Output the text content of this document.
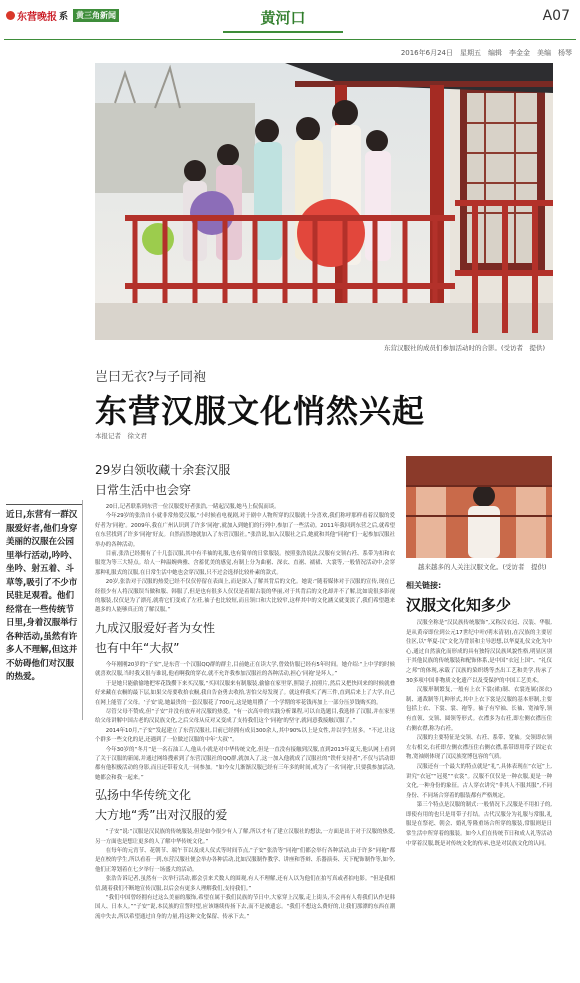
东营晚报 系	黄三角新闻	黄河口	A07
2016年6月24日　星期五　编辑　李金金　美编　杨琴
东营汉服社的成员们参加活动时的合影。(受访者　提供)
岂曰无衣?与子同袍
东营汉服文化悄然兴起
本报记者　徐文君
近日,东营有一群汉服爱好者,他们身穿美丽的汉服在公园里举行活动,吟吟、坐吟、射五着、斗草等,吸引了不少市民驻足观看。他们经常在一些传统节日里,身着汉服举行各种活动,虽然有许多人不理解,但这并不妨碍他们对汉服的热爱。
29岁白领收藏十余套汉服
日常生活中也会穿

20日,记者联系到东营一位汉服爱好者张浩,一睹起汉服,她马上侃侃而谈。

今年29岁的张浩自小就非常热爱汉服,“小时候看电视剧,对于剧中人物所穿的汉服就十分喜欢,我们称呼那样看着汉服的爱好者为‘同袍’。2009年,我在广州认识到了许多‘同袍’,就加入到她们的行列中,参加了一些活动。2011年我回到东营之后,就希望在东营找到了许多‘同袍’好友。自然而然地就加入了东营汉服社。”张浩说,加入汉服社之后,她就和其他“同袍”们一起参加汉服社举办的各种活动。

目前,张浩已经拥有了十几套汉服,其中有半袖的礼服,也有简单的日常服装。按照张浩说法,汉服有交领右衽、系带为扣和衣服宽为等三大特点。给人一种温婉典雅、含蓄优美的感觉,有制上分为曲裾、深衣、直裾、襦裙、大裳等,一般情况活动中,会穿那种礼服式的汉服,在日常生活中她也会穿汉服,只不过会选择比较朴素的款式。

20岁,张浩对于汉服的热爱已经不仅仅停留在表面上,而是深入了解其背后的文化。她说:“随着媒体对于汉服的宣传,现在已经很少有人将汉服误当做和服、韩服了,但是也有很多人仅仅是着眼古装的华丽,对于其背后的文化却并不了解,比如说很多影视的服装,仅仅是为了漂亮,就将它们变成了左衽,袖子也比较短,而且领口和大比较窄,这样其中的文化涵义就变淡了,我们希望越来越多的人能够真正的了解汉服。”

九成汉服爱好者为女性
也有中年“大叔”

今年刚刚20岁的“子安”,是东营一个汉服QQ群的群主,目前她正在读大学,曾效仿服已经有5年时间。她介绍:“上中学的时候就喜欢汉服,当时我又很与谁说,他看啊我的穿衣,就不允许我参加汉服社的各种活动,担心‘同袍’是坏人。”

于是她只能偷偷地把零花钱攒下来买汉服,“买回汉服来有制服装,偷偷在家里穿,照镜子,拍照片,然后又把快回来的时候就叠好来藏在衣橱的最下层,如果父母要收拾衣橱,我自告奋勇去收拾,害怕父母发现了。就这样我买了两三件,直到后来上了大学,自己在网上能管了父母。‘子安’说,她最贵的一套汉服花了700元,这是她用攒了一个学期的零花钱再加上一部分压岁钱购买的。

尽管父母不赞成,但“子安”并没有放弃对汉服的热爱。“有一次高中的实践分析课程,可以自选题目,我选择了汉服,并在家里给父母讲解中国古老的汉民族文化,之后父母从反对又变成了支持我们这个‘同袍’的坚守,就同意我接触汉服了。”

2014年10月,“子安”发起建立了东营汉服社,目前已经拥有成员300余人,其中90%以上是女性,并以学生居多。“不过,让这个群多一些文化的是,还遇到了一位做过汉服的中年‘大叔’”。

今年30岁的“冬月”是一名石油工人,他从小就是对中华传统文化,但是一直没有接触到汉服,直到2013年夏天,他认网上看到了关于汉服的新闻,并通过网络搜索到了东营汉服社的QQ群,就加入了,这一加入他就成了汉服社的“铁杆支持者”,不仅与活动即都有他积极活动的身影,而且还带着女儿一同参加。“如今女儿渐渐汉服已经有三年多的时间,成为了一名‘同袍’,只要我参加活动,她都会和我一起来。”

弘扬中华传统文化
大方地“秀”出对汉服的爱

“子安”说:“汉服是汉民族的传统服装,但是如今很少有人了解,所以才有了建立汉服社的想法,一方面是出于对于汉服的热爱,另一方面也是想让更多的人了解中华传统文化。”

在每年的元宵节、花朝节、端午节以及成人仪式等时间节点,“子安”张浩等“同袍”们都会举行各种活动,由于许多“同袍”都是在校的学生,所以看着一到,东营汉服社便会举办各种活动,比如汉服制作教学、讲座和答辩、乐器演奏、天下配饰制作等,如今,他们正筹划着在七夕举行一场盛大的活动。

张浩告诉记者,虽然有一次举行活动,都会引来犬数人的围观,有人不理解,还有人以为他们在拍写真或者拍电影。“但是我相信,随着我们不断地宣传汉服,以后会有更多人理解我们,支持我们。”

“我们中国曾经拥有过这么美丽的服饰,希望在属于我们民族的节日中,大家穿上汉服,走上街头,不会再有人将我们认作是韩国人、日本人。”“子安”说,本民族的宣誓时望,应该继续传扬下去,而不是被遗忘。“我们不想这么费好的,让我们那漂的东西在潮流中失去,所以希望通过自身的力量,将这种文化保留、传承下去。”

越来越多的人关注汉服文化。(受访者　提供)
相关链接:
汉服文化知多少

汉服全称是“汉民族传统服饰”,又称汉衣冠、汉装、华服,是从黄帝即位到公元17世纪中叶(明末清初),在汉族的主要居住区,以“华夏-汉”文化为背景和主导思想,以华夏礼仪文化为中心,通过自然演化而形成的具有独特汉民族风貌性格,明显区别于其他民族的传统服装和配饰体系,是中国“衣冠上国”、“礼仪之邦”的体现,承载了汉族的染织绣等杰出工艺和美学,传承了30多项中国非物质文化遗产以及受保护的中国工艺美术。

汉服形制繁复,一般有上衣下裳(裙)制、衣裳连属(深衣)制、通裁制等几种形式,其中上衣下裳是汉服的基本形制,主要包括上衣、下裳、裳、袍等。袖子有窄袖、长袖、宽袖等,领有直领、交领、圆领等形式。衣襟多为右衽,即左侧衣襟压住右侧衣襟,称为右衽。

汉服的主要特征是交领、右衽、系带、宽袖。交领即衣领左右相交,右衽即左侧衣襟压住右侧衣襟,系带即用带子固定衣物,宽袖则体现了汉民族宽博包容的气质。

汉服还有一个最大的特点就是“礼”,具体表现在“衣冠”上,讲究“衣冠”“冠冕”“衣裳”。汉服不仅仅是一种衣服,更是一种文化,一种身份的象征。古人穿衣讲究“非其人不服其服”,不同身份、不同场合穿着的服装都有严格规定。

第三个特点是汉服的制式:一般情况下,汉服是不用扣子的,即使有用的也只是用带子打结。古代汉服分为礼服与常服,礼服是在祭祀、朝会、婚礼等隆重场合所穿的服装,常服则是日常生活中所穿着的服装。如今人们在传统节日和成人礼等活动中穿着汉服,既是对传统文化的传承,也是对民族文化的认同。
